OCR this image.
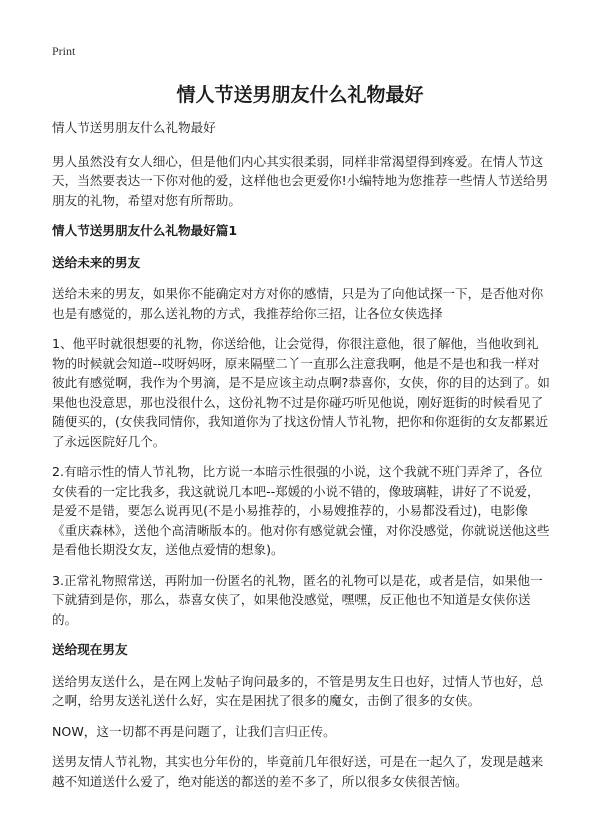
Print
情人节送男朋友什么礼物最好

情人节送男朋友什么礼物最好

男人虽然没有女人细心，但是他们内心其实很柔弱，同样非常渴望得到疼爱。在情人节这天，当然要表达一下你对他的爱，这样他也会更爱你!小编特地为您推荐一些情人节送给男朋友的礼物，希望对您有所帮助。

情人节送男朋友什么礼物最好篇1

送给未来的男友

送给未来的男友，如果你不能确定对方对你的感情，只是为了向他试探一下，是否他对你也是有感觉的，那么送礼物的方式，我推荐给你三招，让各位女侠选择

1、他平时就很想要的礼物，你送给他，让会觉得，你很注意他，很了解他，当他收到礼物的时候就会知道--哎呀妈呀，原来隔壁二丫一直那么注意我啊，他是不是也和我一样对彼此有感觉啊，我作为个男滴，是不是应该主动点啊?恭喜你，女侠，你的目的达到了。如果他也没意思，那也没很什么，这份礼物不过是你碰巧听见他说，刚好逛街的时候看见了随便买的，(女侠我同情你，我知道你为了找这份情人节礼物，把你和你逛街的女友都累近了永远医院好几个。

2.有暗示性的情人节礼物，比方说一本暗示性很强的小说，这个我就不班门弄斧了，各位女侠看的一定比我多，我这就说几本吧--郑媛的小说不错的，像玻璃鞋，讲好了不说爱，是爱不是错，要怎么说再见(不是小易推荐的，小易嫂推荐的，小易都没看过)，电影像《重庆森林》，送他个高清晰版本的。他对你有感觉就会懂，对你没感觉，你就说送他这些是看他长期没女友，送他点爱情的想象)。

3.正常礼物照常送，再附加一份匿名的礼物，匿名的礼物可以是花，或者是信，如果他一下就猜到是你，那么，恭喜女侠了，如果他没感觉，嘿嘿，反正他也不知道是女侠你送的。

送给现在男友

送给男友送什么，是在网上发帖子询问最多的，不管是男友生日也好，过情人节也好，总之啊，给男友送礼送什么好，实在是困扰了很多的魔女，击倒了很多的女侠。

NOW，这一切都不再是问题了，让我们言归正传。

送男友情人节礼物，其实也分年份的，毕竟前几年很好送，可是在一起久了，发现是越来越不知道送什么爱了，绝对能送的都送的差不多了，所以很多女侠很苦恼。
